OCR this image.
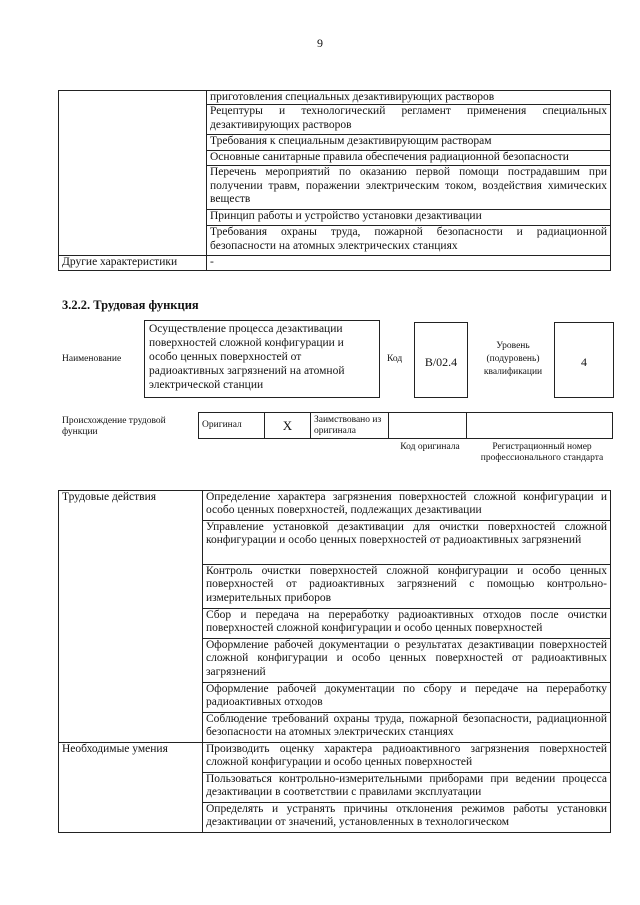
9
	приготовления специальных дезактивирующих растворов
	Рецептуры и технологический регламент применения специальных дезактивирующих растворов
	Требования к специальным дезактивирующим растворам
	Основные санитарные правила обеспечения радиационной безопасности
	Перечень мероприятий по оказанию первой помощи пострадавшим при получении травм, поражении электрическим током, воздействия химических веществ
	Принцип работы и устройство установки дезактивации
	Требования охраны труда, пожарной безопасности и радиационной безопасности на атомных электрических станциях
Другие характеристики	-
3.2.2. Трудовая функция
Наименование
Осуществление процесса дезактивации поверхностей сложной конфигурации и особо ценных поверхностей от радиоактивных загрязнений на атомной электрической станции
Код	B/02.4
Уровень (подуровень) квалификации
4
Происхождение трудовой функции
Оригинал	X	Заимствовано из оригинала		
Код оригинала	Регистрационный номер профессионального стандарта
Трудовые действия	Определение характера загрязнения поверхностей сложной конфигурации и особо ценных поверхностей, подлежащих дезактивации
	Управление установкой дезактивации для очистки поверхностей сложной конфигурации и особо ценных поверхностей от радиоактивных загрязнений
	Контроль очистки поверхностей сложной конфигурации и особо ценных поверхностей от радиоактивных загрязнений с помощью контрольно-измерительных приборов
	Сбор и передача на переработку радиоактивных отходов после очистки поверхностей сложной конфигурации и особо ценных поверхностей
	Оформление рабочей документации о результатах дезактивации поверхностей сложной конфигурации и особо ценных поверхностей от радиоактивных загрязнений
	Оформление рабочей документации по сбору и передаче на переработку радиоактивных отходов
	Соблюдение требований охраны труда, пожарной безопасности, радиационной безопасности на атомных электрических станциях
Необходимые умения	Производить оценку характера радиоактивного загрязнения поверхностей сложной конфигурации и особо ценных поверхностей
	Пользоваться контрольно-измерительными приборами при ведении процесса дезактивации в соответствии с правилами эксплуатации
	Определять и устранять причины отклонения режимов работы установки дезактивации от значений, установленных в технологическом
